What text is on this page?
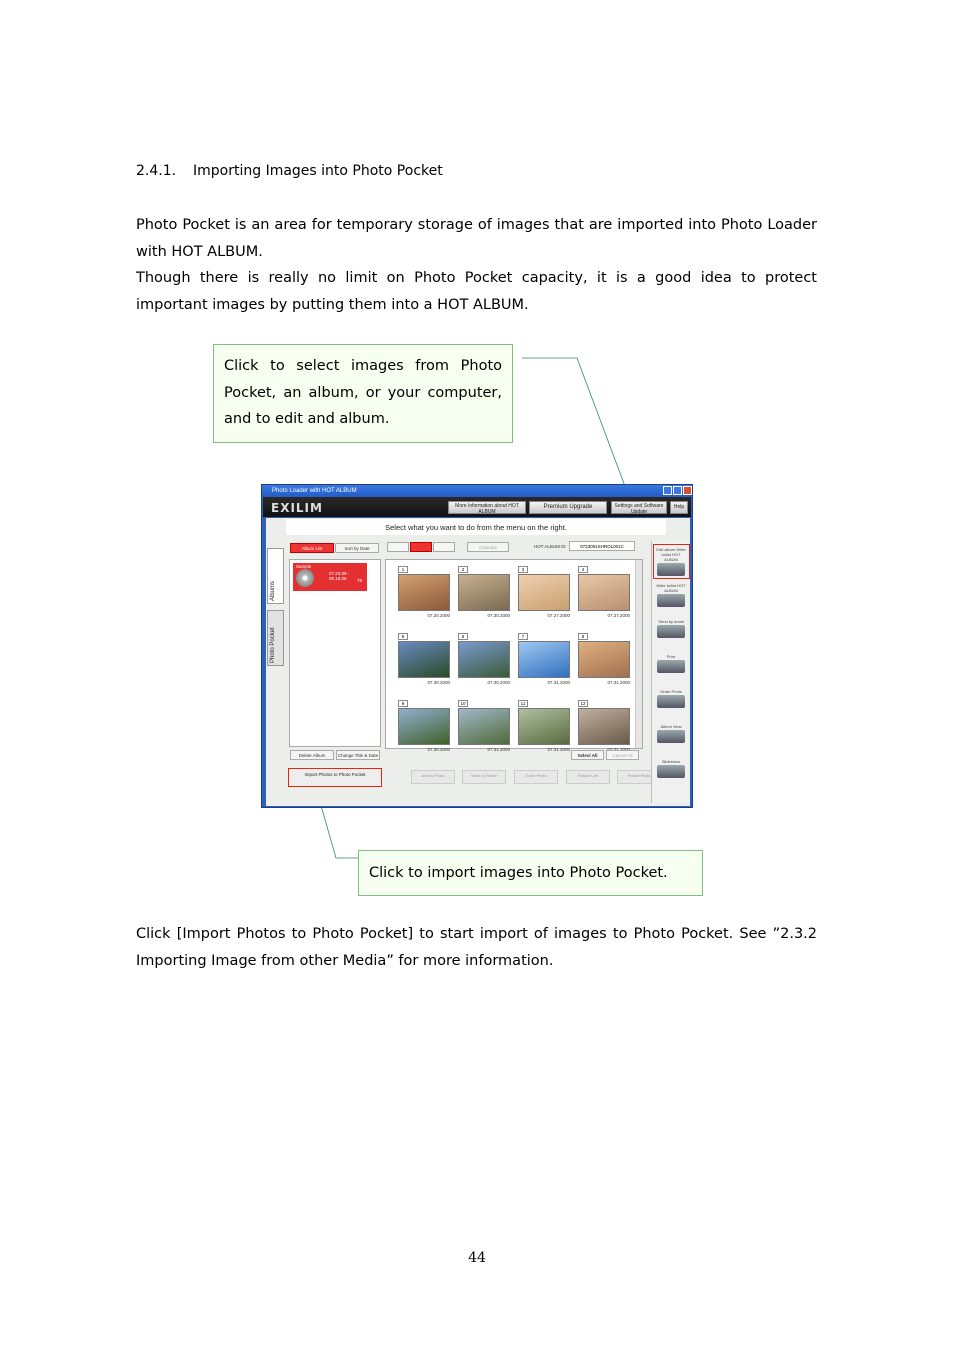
2.4.1. Importing Images into Photo Pocket

Photo Pocket is an area for temporary storage of images that are imported into Photo Loader with HOT ALBUM.
Though there is really no limit on Photo Pocket capacity, it is a good idea to protect important images by putting them into a HOT ALBUM.

Click to select images from Photo Pocket, an album, or your computer, and to edit and album.
Photo Loader with HOT ALBUM
EXILIM	More Information about HOT ALBUM
Premium Upgrade	Settings and Software Update
Help
Select what you want to do from the menu on the right.
Albums
Photo Pocket
Album List	Sort by Date	Calendar	HOT ALBUM ID	0723091SHROL001C
Sample
07.23.09 - 05.19.08	78
1
07.20.2000
2
07.30.2000
3
07.27.2000
4
07.27.2000
5
07.30.2000
6
07.30.2000
7
07.31.2000
8
07.31.2000
9
07.30.2000
10
07.31.2000
11
07.31.2000
12
Delete Album	Change Title & Date	Select All	Cancel All
Add to Photo	Save to Folder	Zoom Photo	Rotate Left	Rotate Right
Import Photos to Photo Pocket
Edit album Write to/list HOT ALBUM
Write to/list HOT ALBUM
Send by email
Print
Order Prints
Album View
Slideshow
Click to import images into Photo Pocket.

Click [Import Photos to Photo Pocket] to start import of images to Photo Pocket. See ”2.3.2 Importing Image from other Media” for more information.

44
